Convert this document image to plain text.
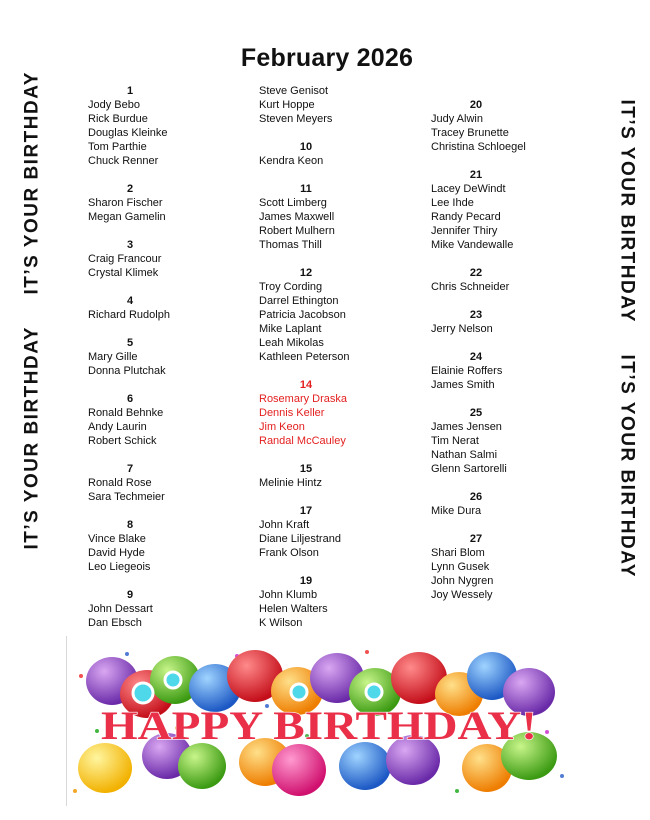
February 2026
IT’S YOUR BIRTHDAY
IT’S YOUR BIRTHDAY
IT’S YOUR BIRTHDAY
IT’S YOUR BIRTHDAY
1
Jody Bebo
Rick Burdue
Douglas Kleinke
Tom Parthie
Chuck Renner
2
Sharon Fischer
Megan Gamelin
3
Craig Francour
Crystal Klimek
4
Richard Rudolph
5
Mary Gille
Donna Plutchak
6
Ronald Behnke
Andy Laurin
Robert Schick
7
Ronald Rose
Sara Techmeier
8
Vince Blake
David Hyde
Leo Liegeois
9
John Dessart
Dan Ebsch
Steve Genisot
Kurt Hoppe
Steven Meyers
10
Kendra Keon
11
Scott Limberg
James Maxwell
Robert Mulhern
Thomas Thill
12
Troy Cording
Darrel Ethington
Patricia Jacobson
Mike Laplant
Leah Mikolas
Kathleen Peterson
14
Rosemary Draska
Dennis Keller
Jim Keon
Randal McCauley
15
Melinie Hintz
17
John Kraft
Diane Liljestrand
Frank Olson
19
John Klumb
Helen Walters
K Wilson
20
Judy Alwin
Tracey Brunette
Christina Schloegel
21
Lacey DeWindt
Lee Ihde
Randy Pecard
Jennifer Thiry
Mike Vandewalle
22
Chris Schneider
23
Jerry Nelson
24
Elainie Roffers
James Smith
25
James Jensen
Tim Nerat
Nathan Salmi
Glenn Sartorelli
26
Mike Dura
27
Shari Blom
Lynn Gusek
John Nygren
Joy Wessely
HAPPY BIRTHDAY!
